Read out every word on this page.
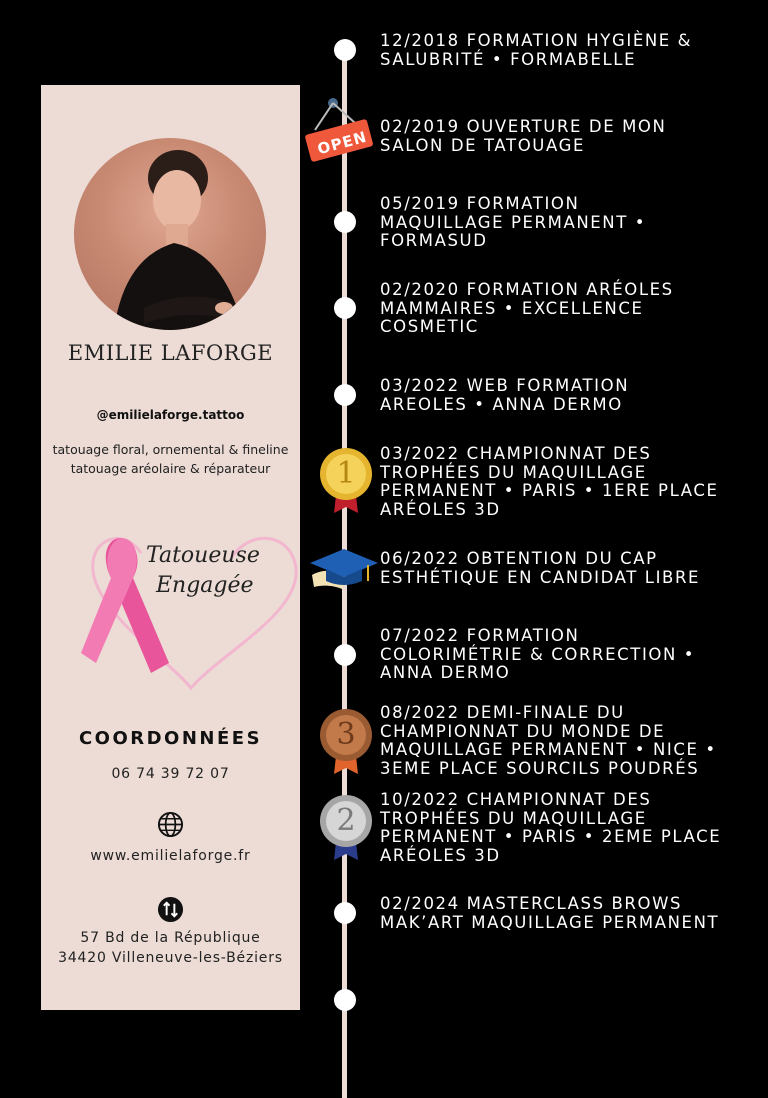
EMILIE LAFORGE
@emilielaforge.tattoo
tatouage floral, ornemental & fineline
tatouage aréolaire & réparateur
Tatoueuse
Engagée
COORDONNÉES
06 74 39 72 07
www.emilielaforge.fr
57 Bd de la République
34420 Villeneuve-les-Béziers
OPEN
1
3
2
12/2018 FORMATION HYGIÈNE &
SALUBRITÉ • FORMABELLE
02/2019 OUVERTURE DE MON
SALON DE TATOUAGE
05/2019 FORMATION
MAQUILLAGE PERMANENT •
FORMASUD
02/2020 FORMATION ARÉOLES
MAMMAIRES • EXCELLENCE
COSMETIC
03/2022 WEB FORMATION
AREOLES • ANNA DERMO
03/2022 CHAMPIONNAT DES
TROPHÉES DU MAQUILLAGE
PERMANENT • PARIS • 1ERE PLACE
ARÉOLES 3D
06/2022 OBTENTION DU CAP
ESTHÉTIQUE EN CANDIDAT LIBRE
07/2022 FORMATION
COLORIMÉTRIE & CORRECTION •
ANNA DERMO
08/2022 DEMI-FINALE DU
CHAMPIONNAT DU MONDE DE
MAQUILLAGE PERMANENT • NICE •
3EME PLACE SOURCILS POUDRÉS
10/2022 CHAMPIONNAT DES
TROPHÉES DU MAQUILLAGE
PERMANENT • PARIS • 2EME PLACE
ARÉOLES 3D
02/2024 MASTERCLASS BROWS
MAK’ART MAQUILLAGE PERMANENT
